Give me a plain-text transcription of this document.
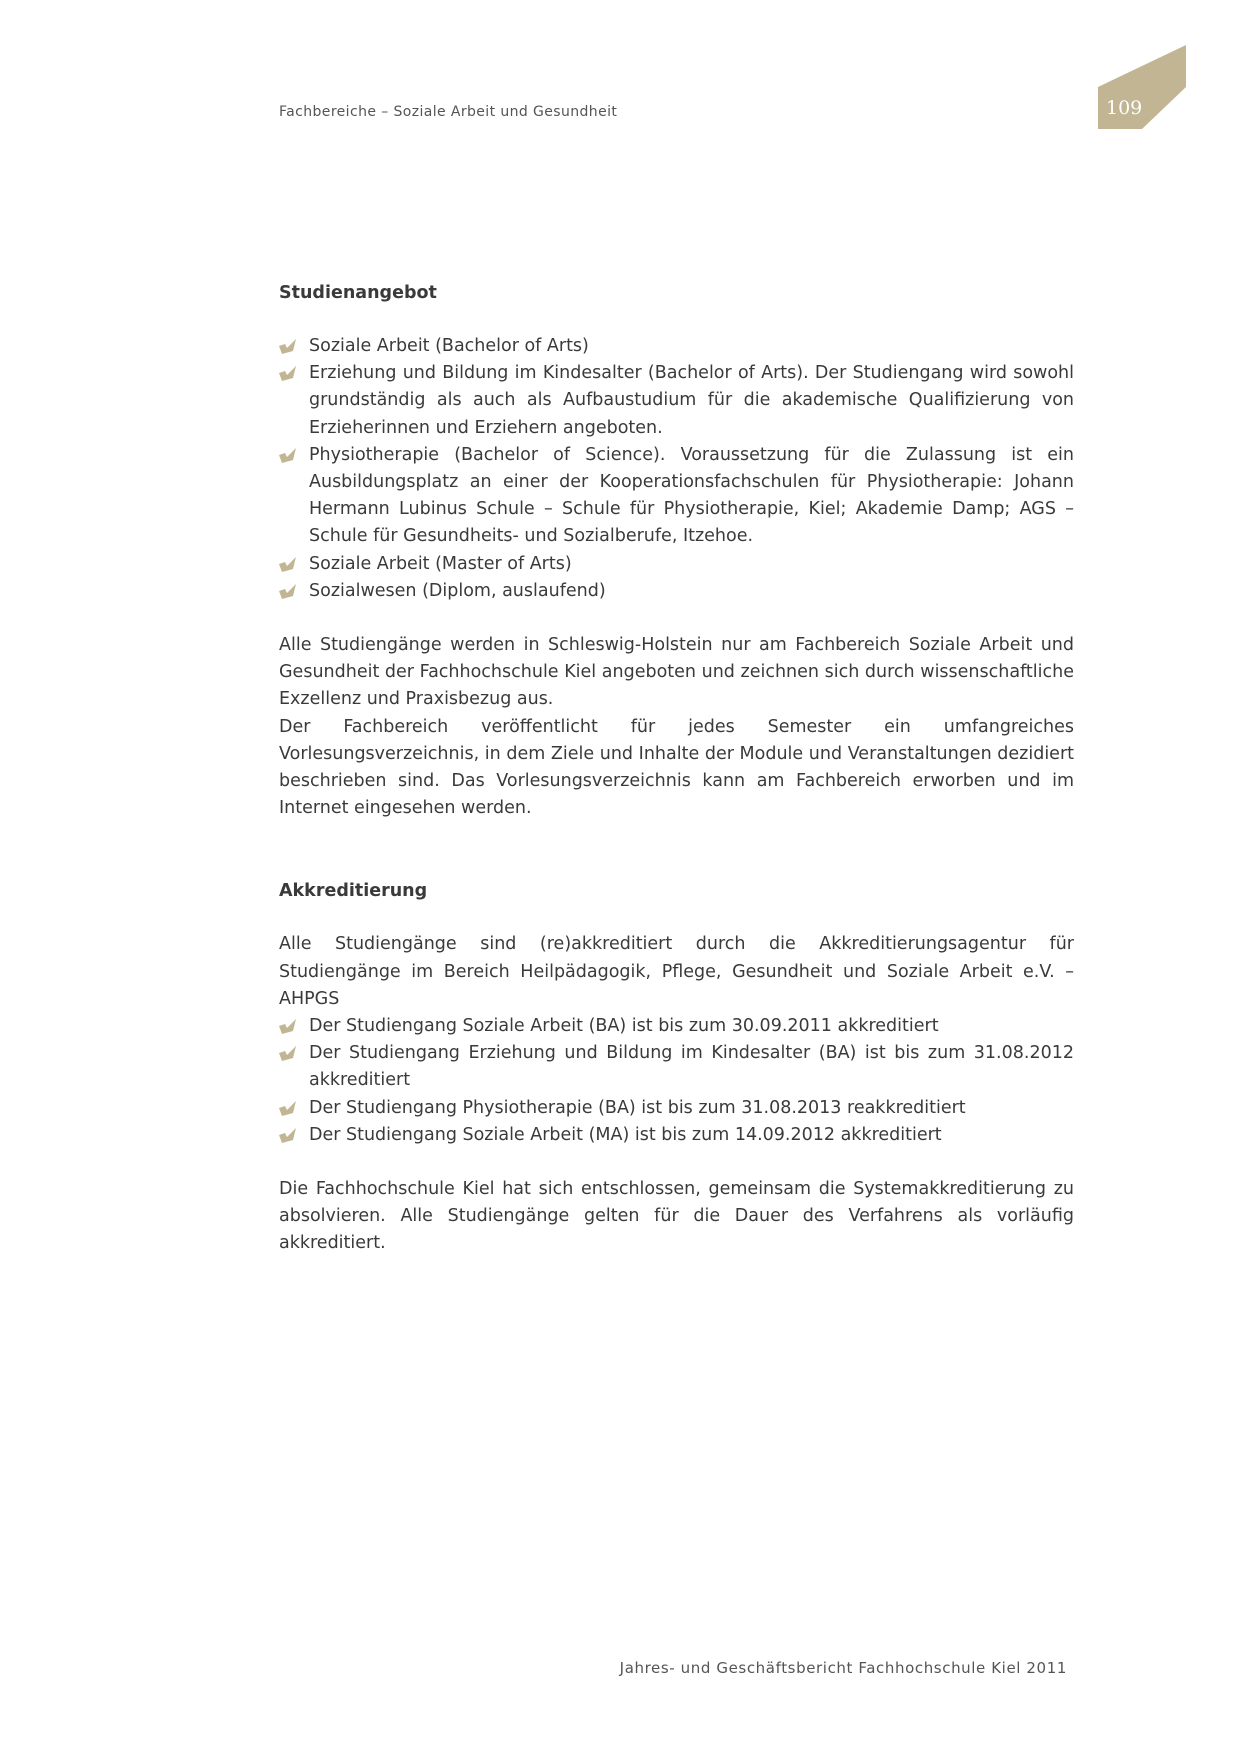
Fachbereiche – Soziale Arbeit und Gesundheit	109
Studienangebot
Soziale Arbeit (Bachelor of Arts)
Erziehung und Bildung im Kindesalter (Bachelor of Arts). Der Studiengang wird sowohl grundständig als auch als Aufbaustudium für die akademische Qualifizierung von Erzieherinnen und Erziehern angeboten.
Physiotherapie (Bachelor of Science). Voraussetzung für die Zulassung ist ein Ausbildungsplatz an einer der Kooperationsfachschulen für Physiotherapie: Johann Hermann Lubinus Schule – Schule für Physiotherapie, Kiel; Akademie Damp; AGS – Schule für Gesundheits- und Sozialberufe, Itzehoe.
Soziale Arbeit (Master of Arts)
Sozialwesen (Diplom, auslaufend)

Alle Studiengänge werden in Schleswig-Holstein nur am Fachbereich Soziale Arbeit und Gesundheit der Fachhochschule Kiel angeboten und zeichnen sich durch wissenschaftliche Exzellenz und Praxisbezug aus.

Der Fachbereich veröffentlicht für jedes Semester ein umfangreiches Vorlesungsverzeichnis, in dem Ziele und Inhalte der Module und Veranstaltungen dezidiert beschrieben sind. Das Vorlesungsverzeichnis kann am Fachbereich erworben und im Internet eingesehen werden.

Akkreditierung

Alle Studiengänge sind (re)akkreditiert durch die Akkreditierungsagentur für Studiengänge im Bereich Heilpädagogik, Pflege, Gesundheit und Soziale Arbeit e.V. – AHPGS

Der Studiengang Soziale Arbeit (BA) ist bis zum 30.09.2011 akkreditiert
Der Studiengang Erziehung und Bildung im Kindesalter (BA) ist bis zum 31.08.2012 akkreditiert
Der Studiengang Physiotherapie (BA) ist bis zum 31.08.2013 reakkreditiert
Der Studiengang Soziale Arbeit (MA) ist bis zum 14.09.2012 akkreditiert

Die Fachhochschule Kiel hat sich entschlossen, gemeinsam die Systemakkreditierung zu absolvieren. Alle Studiengänge gelten für die Dauer des Verfahrens als vorläufig akkreditiert.

Jahres- und Geschäftsbericht Fachhochschule Kiel 2011
